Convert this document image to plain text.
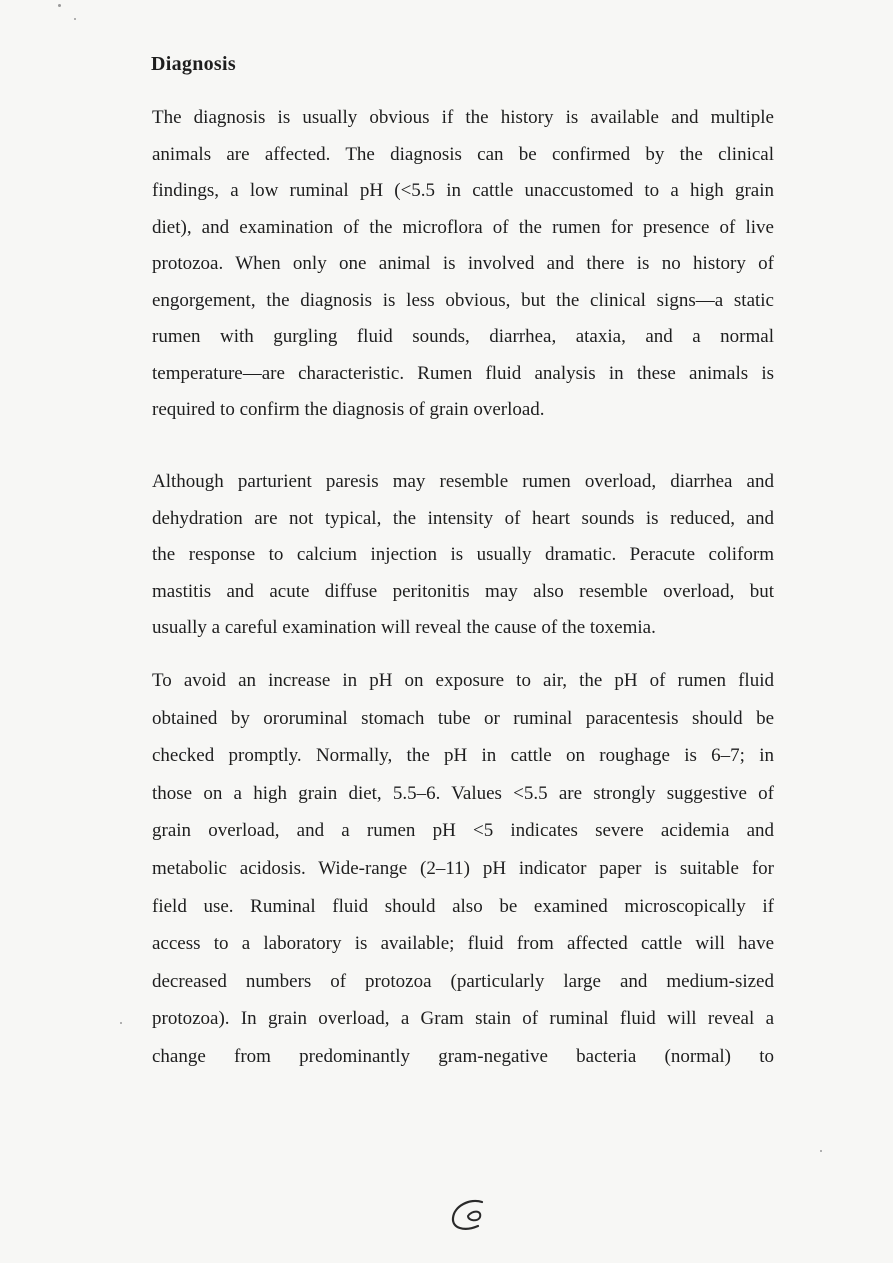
Diagnosis
The diagnosis is usually obvious if the history is available and multiple
animals are affected. The diagnosis can be confirmed by the clinical
findings, a low ruminal pH (<5.5 in cattle unaccustomed to a high grain
diet), and examination of the microflora of the rumen for presence of live
protozoa. When only one animal is involved and there is no history of
engorgement, the diagnosis is less obvious, but the clinical signs—a static
rumen with gurgling fluid sounds, diarrhea, ataxia, and a normal
temperature—are characteristic. Rumen fluid analysis in these animals is
required to confirm the diagnosis of grain overload.
Although parturient paresis may resemble rumen overload, diarrhea and
dehydration are not typical, the intensity of heart sounds is reduced, and
the response to calcium injection is usually dramatic. Peracute coliform
mastitis and acute diffuse peritonitis may also resemble overload, but
usually a careful examination will reveal the cause of the toxemia.
To avoid an increase in pH on exposure to air, the pH of rumen fluid
obtained by ororuminal stomach tube or ruminal paracentesis should be
checked promptly. Normally, the pH in cattle on roughage is 6–7; in
those on a high grain diet, 5.5–6. Values <5.5 are strongly suggestive of
grain overload, and a rumen pH <5 indicates severe acidemia and
metabolic acidosis. Wide-range (2–11) pH indicator paper is suitable for
field use. Ruminal fluid should also be examined microscopically if
access to a laboratory is available; fluid from affected cattle will have
decreased numbers of protozoa (particularly large and medium-sized
protozoa). In grain overload, a Gram stain of ruminal fluid will reveal a
change from predominantly gram-negative bacteria (normal) to
